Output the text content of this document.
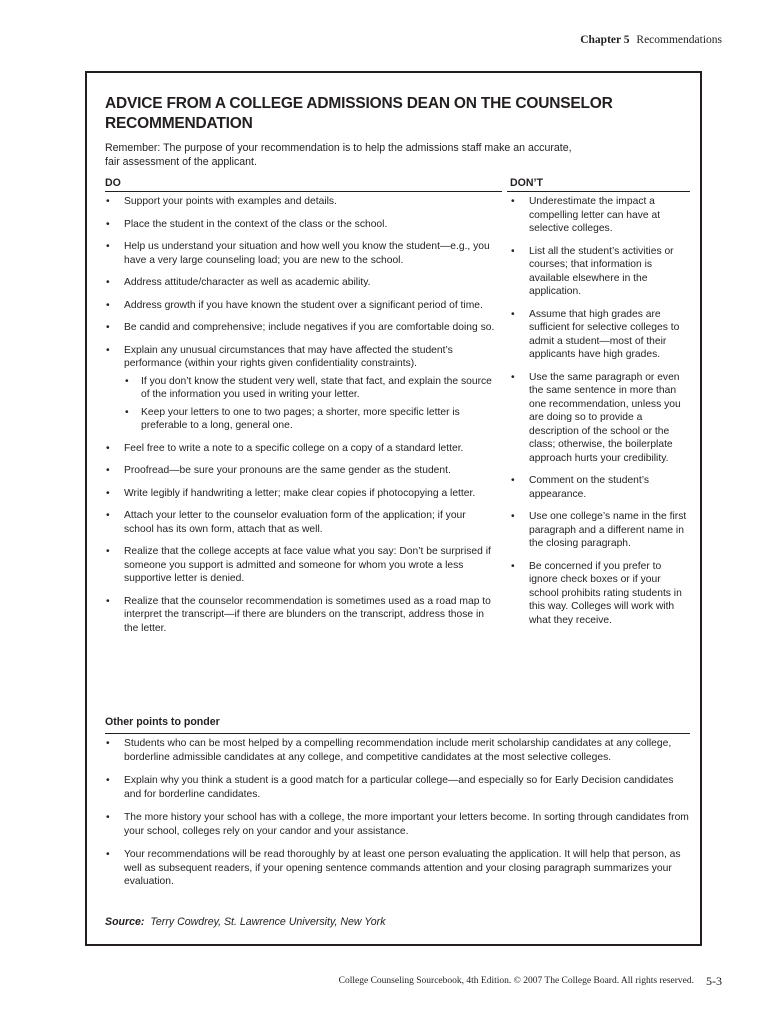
Chapter 5 Recommendations
ADVICE FROM A COLLEGE ADMISSIONS DEAN ON THE COUNSELOR RECOMMENDATION

Remember: The purpose of your recommendation is to help the admissions staff make an accurate, fair assessment of the applicant.

DO	DON’T
• Support your points with examples and details.
• Place the student in the context of the class or the school.
• Help us understand your situation and how well you know the student—e.g., you have a very large counseling load; you are new to the school.
• Address attitude/character as well as academic ability.
• Address growth if you have known the student over a significant period of time.
• Be candid and comprehensive; include negatives if you are comfortable doing so.
• Explain any unusual circumstances that may have affected the student’s performance (within your rights given confidentiality constraints).
• If you don’t know the student very well, state that fact, and explain the source of the information you used in writing your letter.
• Keep your letters to one to two pages; a shorter, more specific letter is preferable to a long, general one.
• Feel free to write a note to a specific college on a copy of a standard letter.
• Proofread—be sure your pronouns are the same gender as the student.
• Write legibly if handwriting a letter; make clear copies if photocopying a letter.
• Attach your letter to the counselor evaluation form of the application; if your school has its own form, attach that as well.
• Realize that the college accepts at face value what you say: Don’t be surprised if someone you support is admitted and someone for whom you wrote a less supportive letter is denied.
• Realize that the counselor recommendation is sometimes used as a road map to interpret the transcript—if there are blunders on the transcript, address those in the letter.
• Underestimate the impact a compelling letter can have at selective colleges.
• List all the student’s activities or courses; that information is available elsewhere in the application.
• Assume that high grades are sufficient for selective colleges to admit a student—most of their applicants have high grades.
• Use the same paragraph or even the same sentence in more than one recommendation, unless you are doing so to provide a description of the school or the class; otherwise, the boilerplate approach hurts your credibility.
• Comment on the student’s appearance.
• Use one college’s name in the first paragraph and a different name in the closing paragraph.
• Be concerned if you prefer to ignore check boxes or if your school prohibits rating students in this way. Colleges will work with what they receive.
Other points to ponder
• Students who can be most helped by a compelling recommendation include merit scholarship candidates at any college, borderline admissible candidates at any college, and competitive candidates at the most selective colleges.
• Explain why you think a student is a good match for a particular college—and especially so for Early Decision candidates and for borderline candidates.
• The more history your school has with a college, the more important your letters become. In sorting through candidates from your school, colleges rely on your candor and your assistance.
• Your recommendations will be read thoroughly by at least one person evaluating the application. It will help that person, as well as subsequent readers, if your opening sentence commands attention and your closing paragraph summarizes your evaluation.
Source: Terry Cowdrey, St. Lawrence University, New York
College Counseling Sourcebook, 4th Edition. © 2007 The College Board. All rights reserved. 5-3
